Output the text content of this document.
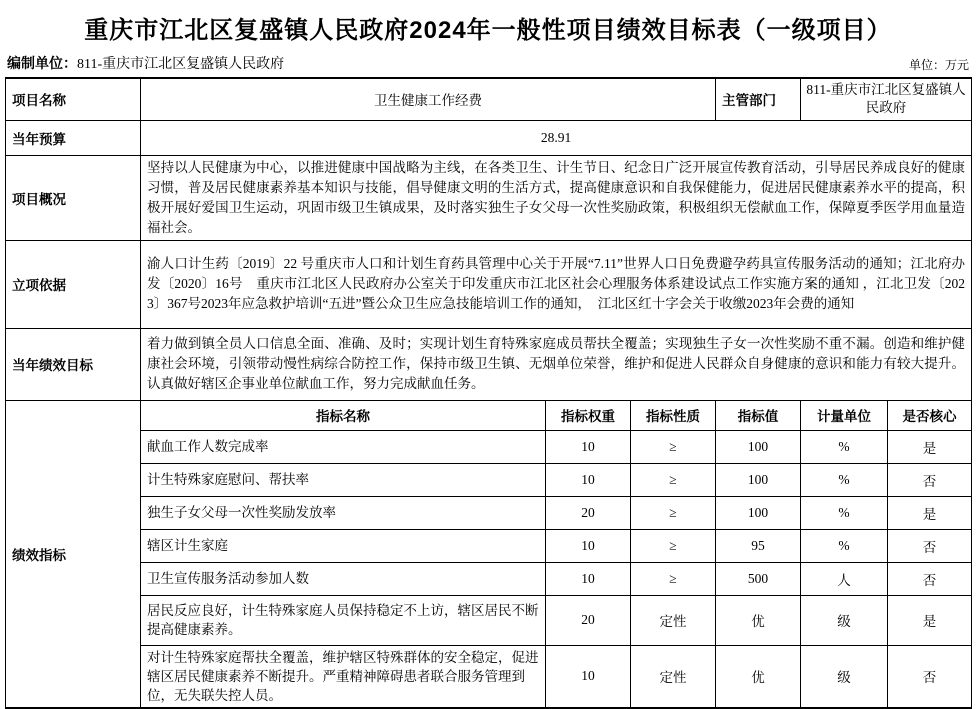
重庆市江北区复盛镇人民政府2024年一般性项目绩效目标表（一级项目）
编制单位：811-重庆市江北区复盛镇人民政府	单位：万元
项目名称	卫生健康工作经费			主管部门	811-重庆市江北区复盛镇人民政府	
当年预算	28.91					
项目概况	坚持以人民健康为中心，以推进健康中国战略为主线，在各类卫生、计生节日、纪念日广泛开展宣传教育活动，引导居民养成良好的健康习惯，普及居民健康素养基本知识与技能，倡导健康文明的生活方式，提高健康意识和自我保健能力，促进居民健康素养水平的提高，积极开展好爱国卫生运动，巩固市级卫生镇成果，及时落实独生子女父母一次性奖励政策，积极组织无偿献血工作，保障夏季医学用血量造福社会。					
立项依据	渝人口计生药〔2019〕22 号重庆市人口和计划生育药具管理中心关于开展“7.11”世界人口日免费避孕药具宣传服务活动的通知；江北府办发〔2020〕16号　重庆市江北区人民政府办公室关于印发重庆市江北区社会心理服务体系建设试点工作实施方案的通知 ，江北卫发〔2023〕367号2023年应急救护培训“五进”暨公众卫生应急技能培训工作的通知，　江北区红十字会关于收缴2023年会费的通知					
当年绩效目标	着力做到镇全员人口信息全面、准确、及时；实现计划生育特殊家庭成员帮扶全覆盖；实现独生子女一次性奖励不重不漏。创造和维护健康社会环境，引领带动慢性病综合防控工作，保持市级卫生镇、无烟单位荣誉，维护和促进人民群众自身健康的意识和能力有较大提升。认真做好辖区企事业单位献血工作，努力完成献血任务。					
绩效指标	指标名称	指标权重	指标性质	指标值	计量单位	是否核心
	献血工作人数完成率	10	≥	100	%	是
	计生特殊家庭慰问、帮扶率	10	≥	100	%	否
	独生子女父母一次性奖励发放率	20	≥	100	%	是
	辖区计生家庭	10	≥	95	%	否
	卫生宣传服务活动参加人数	10	≥	500	人	否
	居民反应良好，计生特殊家庭人员保持稳定不上访，辖区居民不断提高健康素养。	20	定性	优	级	是
	对计生特殊家庭帮扶全覆盖，维护辖区特殊群体的安全稳定，促进辖区居民健康素养不断提升。严重精神障碍患者联合服务管理到位，无失联失控人员。	10	定性	优	级	否
